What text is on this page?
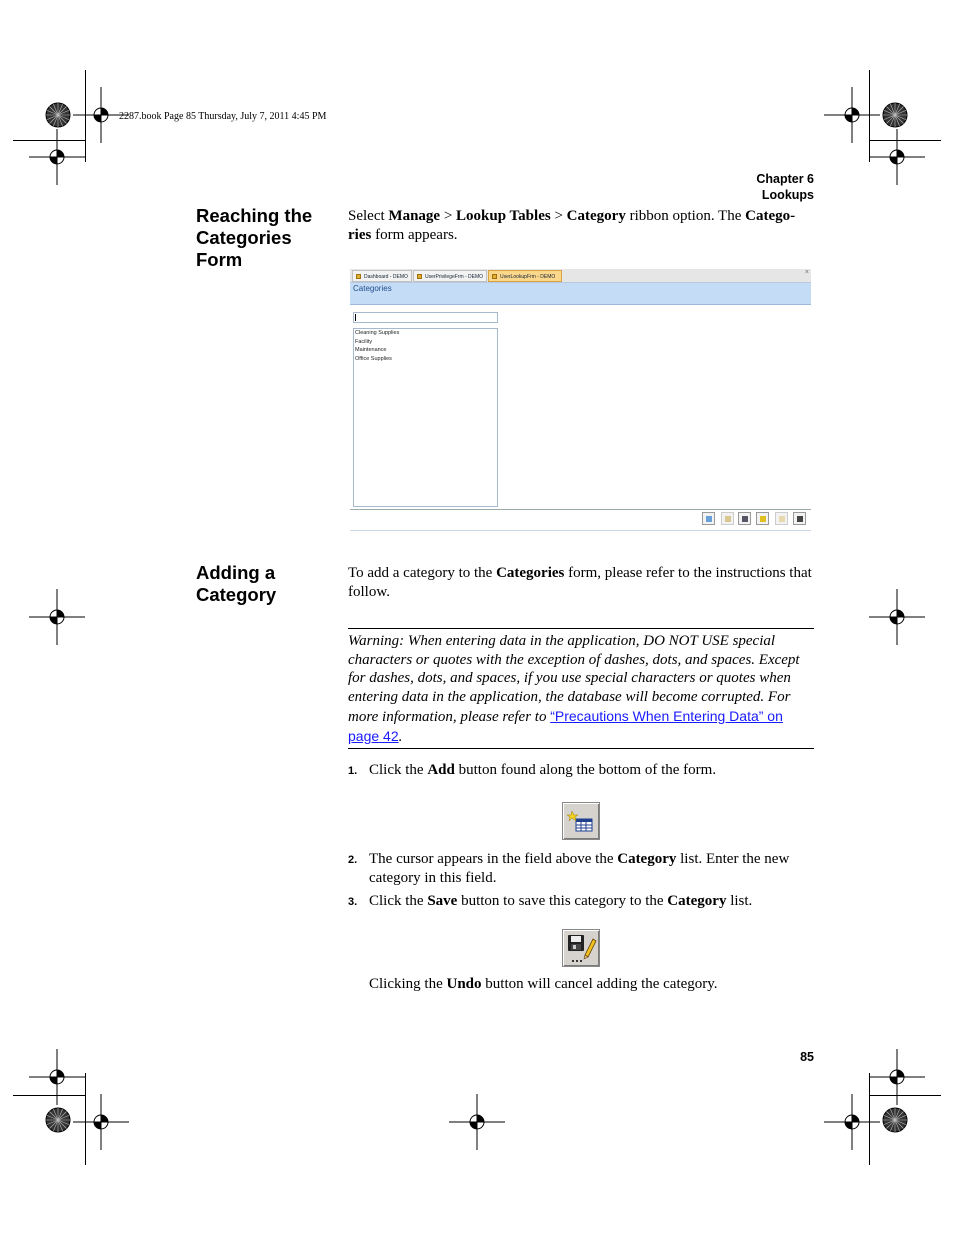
2287.book Page 85 Thursday, July 7, 2011 4:45 PM
Chapter 6
Lookups
Reaching the Categories Form
Select Manage > Lookup Tables > Category ribbon option. The Catego-ries form appears.
Dashboard - DEMO	UserPrivilegeFrm - DEMO	UserLookupFrm - DEMO
×
Categories
Cleaning Supplies
Facility
Maintenance
Office Supplies
Adding a Category
To add a category to the Categories form, please refer to the instructions that follow.
Warning: When entering data in the application, DO NOT USE special characters or quotes with the exception of dashes, dots, and spaces. Except for dashes, dots, and spaces, if you use special characters or quotes when entering data in the application, the database will become corrupted. For more information, please refer to “Precautions When Entering Data” on page 42.
1. Click the Add button found along the bottom of the form.
2. The cursor appears in the field above the Category list. Enter the new category in this field.
3. Click the Save button to save this category to the Category list.
Clicking the Undo button will cancel adding the category.
85
